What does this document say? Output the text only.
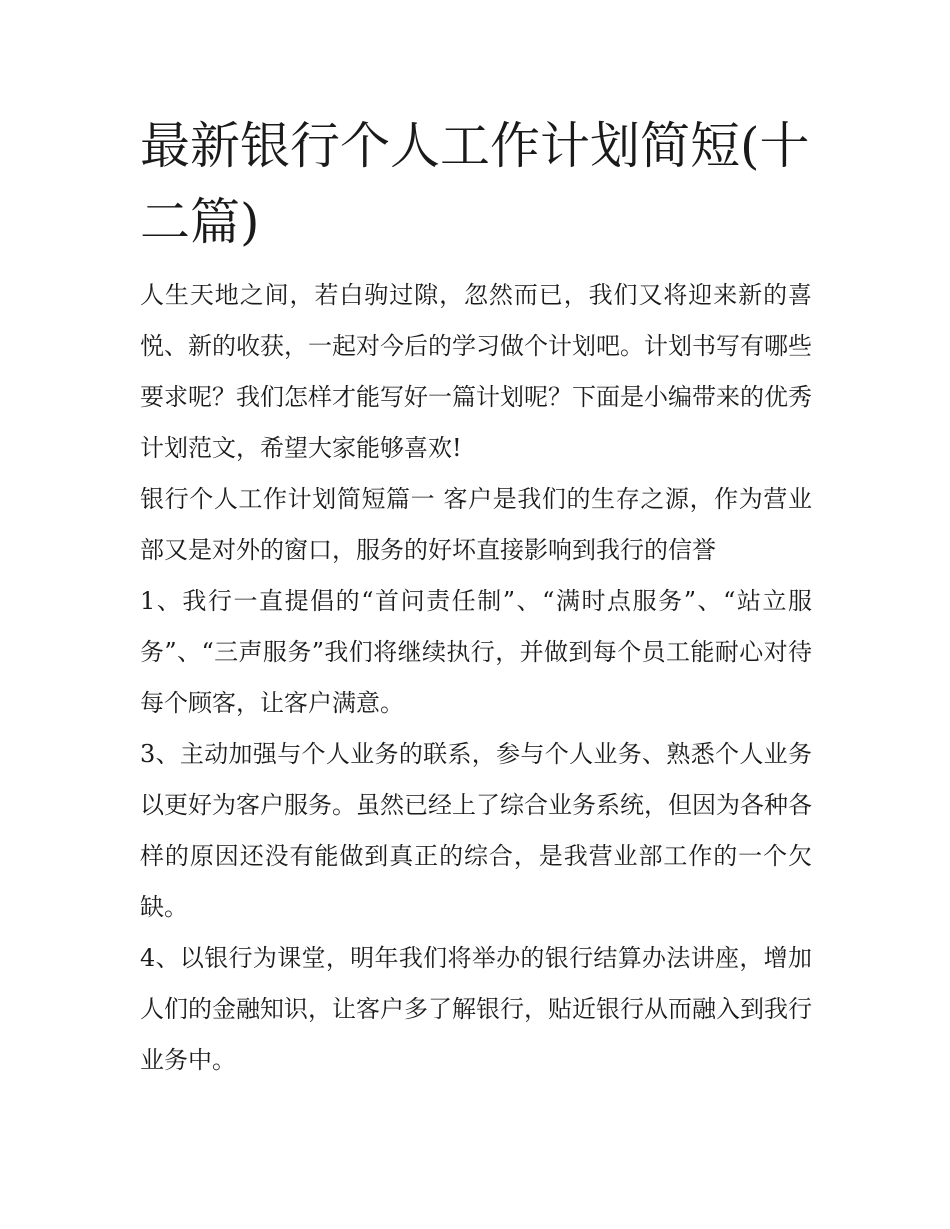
最新银行个人工作计划简短(十二篇)

人生天地之间，若白驹过隙，忽然而已，我们又将迎来新的喜悦、新的收获，一起对今后的学习做个计划吧。计划书写有哪些要求呢？我们怎样才能写好一篇计划呢？下面是小编带来的优秀计划范文，希望大家能够喜欢!

银行个人工作计划简短篇一 客户是我们的生存之源，作为营业部又是对外的窗口，服务的好坏直接影响到我行的信誉

1、我行一直提倡的“首问责任制”、“满时点服务”、“站立服务”、“三声服务”我们将继续执行，并做到每个员工能耐心对待每个顾客，让客户满意。

3、主动加强与个人业务的联系，参与个人业务、熟悉个人业务以更好为客户服务。虽然已经上了综合业务系统，但因为各种各样的原因还没有能做到真正的综合，是我营业部工作的一个欠缺。

4、以银行为课堂，明年我们将举办的银行结算办法讲座，增加人们的金融知识，让客户多了解银行，贴近银行从而融入到我行业务中。
